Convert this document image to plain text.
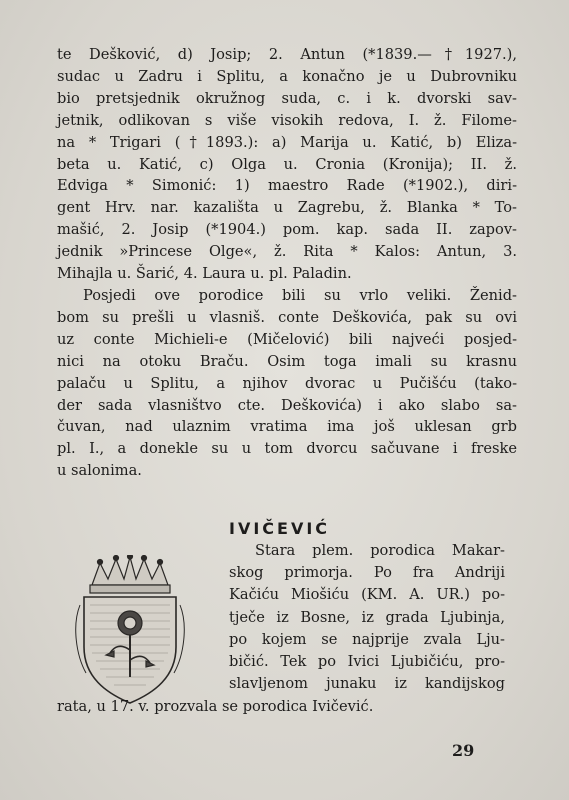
te Dešković, d) Josip; 2. Antun (*1839.—†1927.),
sudac u Zadru i Splitu, a konačno je u Dubrovniku
bio pretsjednik okružnog suda, c. i k. dvorski sav-
jetnik, odlikovan s više visokih redova, I. ž. Filome-
na * Trigari (†1893.): a) Marija u. Katić, b) Eliza-
beta u. Katić, c) Olga u. Cronia (Kronija); II. ž.
Edviga * Simonić: 1) maestro Rade (*1902.), diri-
gent Hrv. nar. kazališta u Zagrebu, ž. Blanka * To-
mašić, 2. Josip (*1904.) pom. kap. sada II. zapov-
jednik »Princese Olge«, ž. Rita * Kalos: Antun, 3.
Mihajla u. Šarić, 4. Laura u. pl. Paladin.
Posjedi ove porodice bili su vrlo veliki. Ženid-
bom su prešli u vlasniš. conte Deškovića, pak su ovi
uz conte Michieli-e (Mičelović) bili najveći posjed-
nici na otoku Braču. Osim toga imali su krasnu
palaču u Splitu, a njihov dvorac u Pučišću (tako-
der sada vlasništvo cte. Deškovića) i ako slabo sa-
čuvan, nad ulaznim vratima ima još uklesan grb
pl. I., a donekle su u tom dvorcu sačuvane i freske
u salonima.
IVIČEVIĆ
Stara plem. porodica Makar-
skog primorja. Po fra Andriji
Kačiću Miošiću (KM. A. UR.) po-
tječe iz Bosne, iz grada Ljubinja,
po kojem se najprije zvala Lju-
bičić. Tek po Ivici Ljubičiću, pro-
slavljenom junaku iz kandijskog
rata, u 17. v. prozvala se porodica Ivičević.
29
